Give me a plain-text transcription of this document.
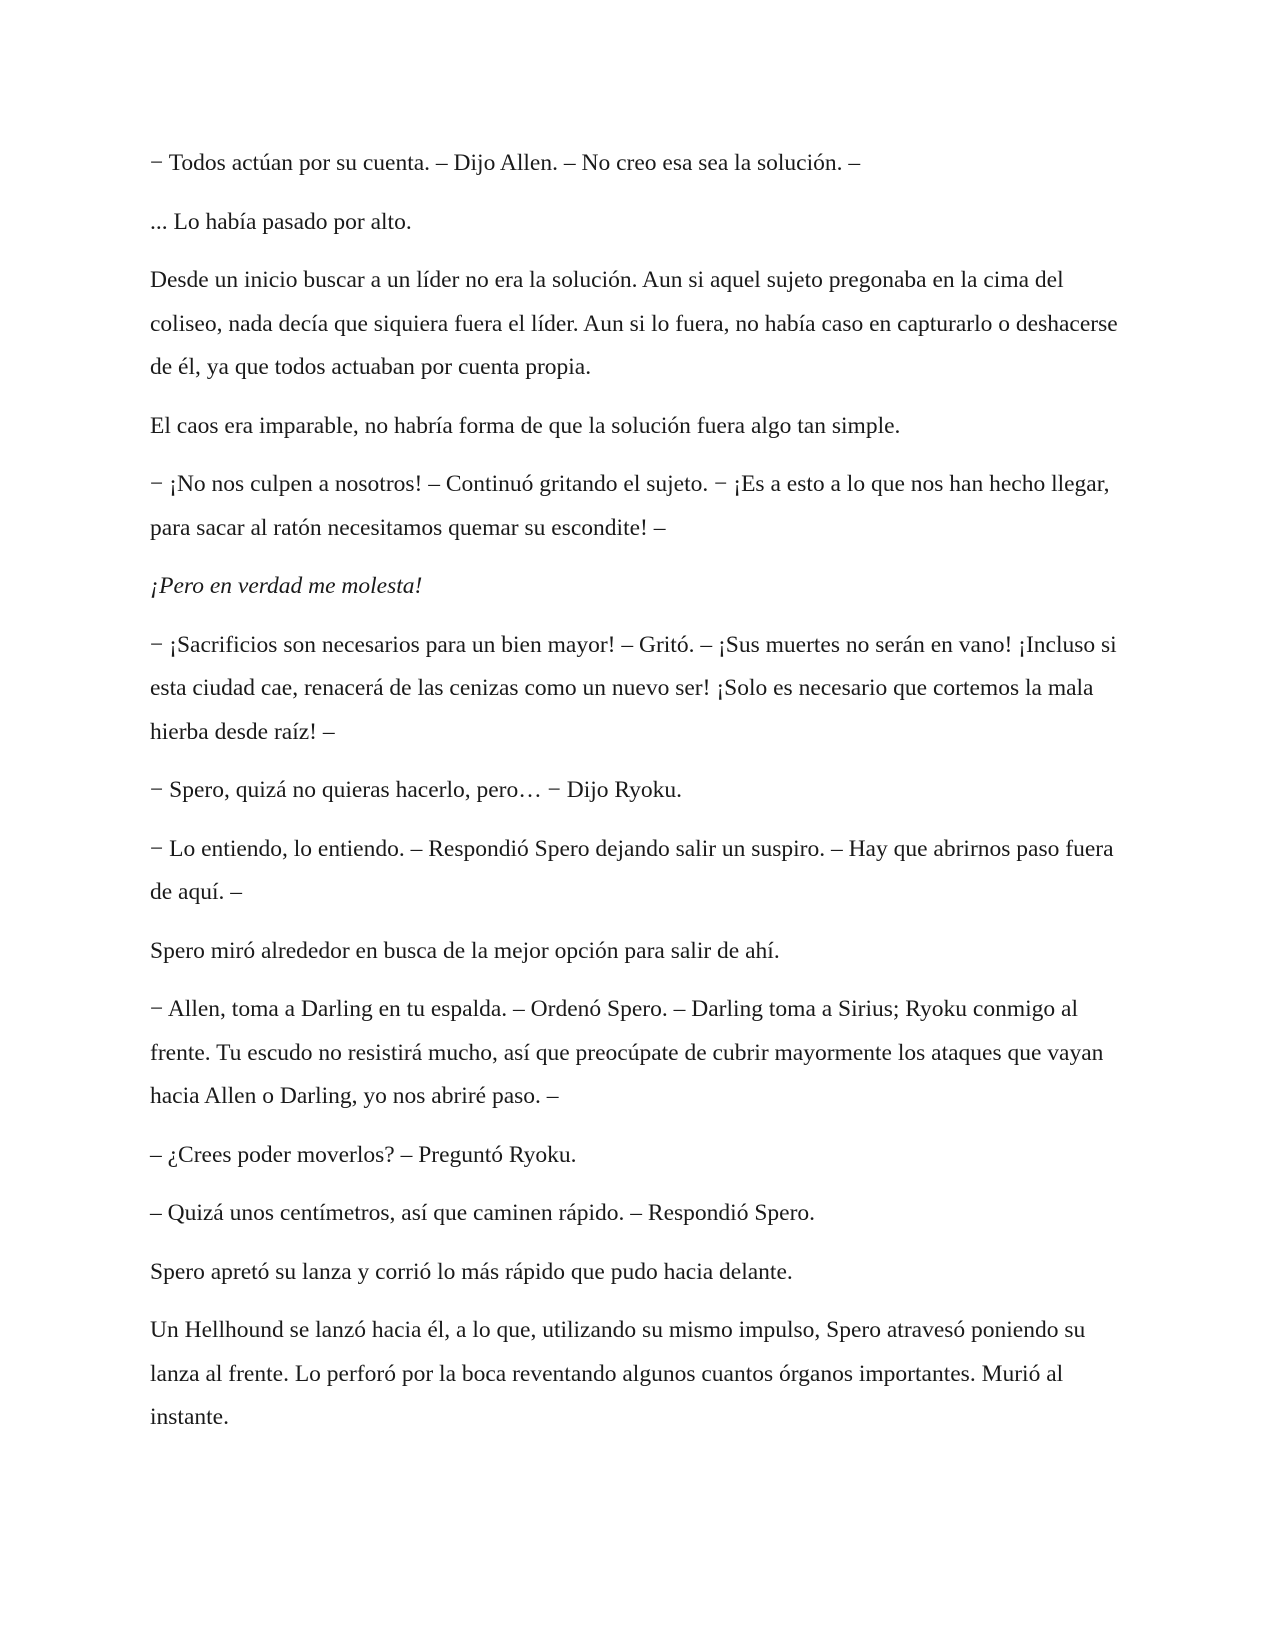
− Todos actúan por su cuenta. – Dijo Allen. – No creo esa sea la solución. –

... Lo había pasado por alto.

Desde un inicio buscar a un líder no era la solución. Aun si aquel sujeto pregonaba en la cima del coliseo, nada decía que siquiera fuera el líder. Aun si lo fuera, no había caso en capturarlo o deshacerse de él, ya que todos actuaban por cuenta propia.

El caos era imparable, no habría forma de que la solución fuera algo tan simple.

− ¡No nos culpen a nosotros! – Continuó gritando el sujeto. − ¡Es a esto a lo que nos han hecho llegar, para sacar al ratón necesitamos quemar su escondite! –

¡Pero en verdad me molesta!

− ¡Sacrificios son necesarios para un bien mayor! – Gritó. – ¡Sus muertes no serán en vano! ¡Incluso si esta ciudad cae, renacerá de las cenizas como un nuevo ser! ¡Solo es necesario que cortemos la mala hierba desde raíz! –

− Spero, quizá no quieras hacerlo, pero… − Dijo Ryoku.

− Lo entiendo, lo entiendo. – Respondió Spero dejando salir un suspiro. – Hay que abrirnos paso fuera de aquí. –

Spero miró alrededor en busca de la mejor opción para salir de ahí.

− Allen, toma a Darling en tu espalda. – Ordenó Spero. – Darling toma a Sirius; Ryoku conmigo al frente. Tu escudo no resistirá mucho, así que preocúpate de cubrir mayormente los ataques que vayan hacia Allen o Darling, yo nos abriré paso. –

– ¿Crees poder moverlos? – Preguntó Ryoku.

– Quizá unos centímetros, así que caminen rápido. – Respondió Spero.

Spero apretó su lanza y corrió lo más rápido que pudo hacia delante.

Un Hellhound se lanzó hacia él, a lo que, utilizando su mismo impulso, Spero atravesó poniendo su lanza al frente. Lo perforó por la boca reventando algunos cuantos órganos importantes. Murió al instante.
